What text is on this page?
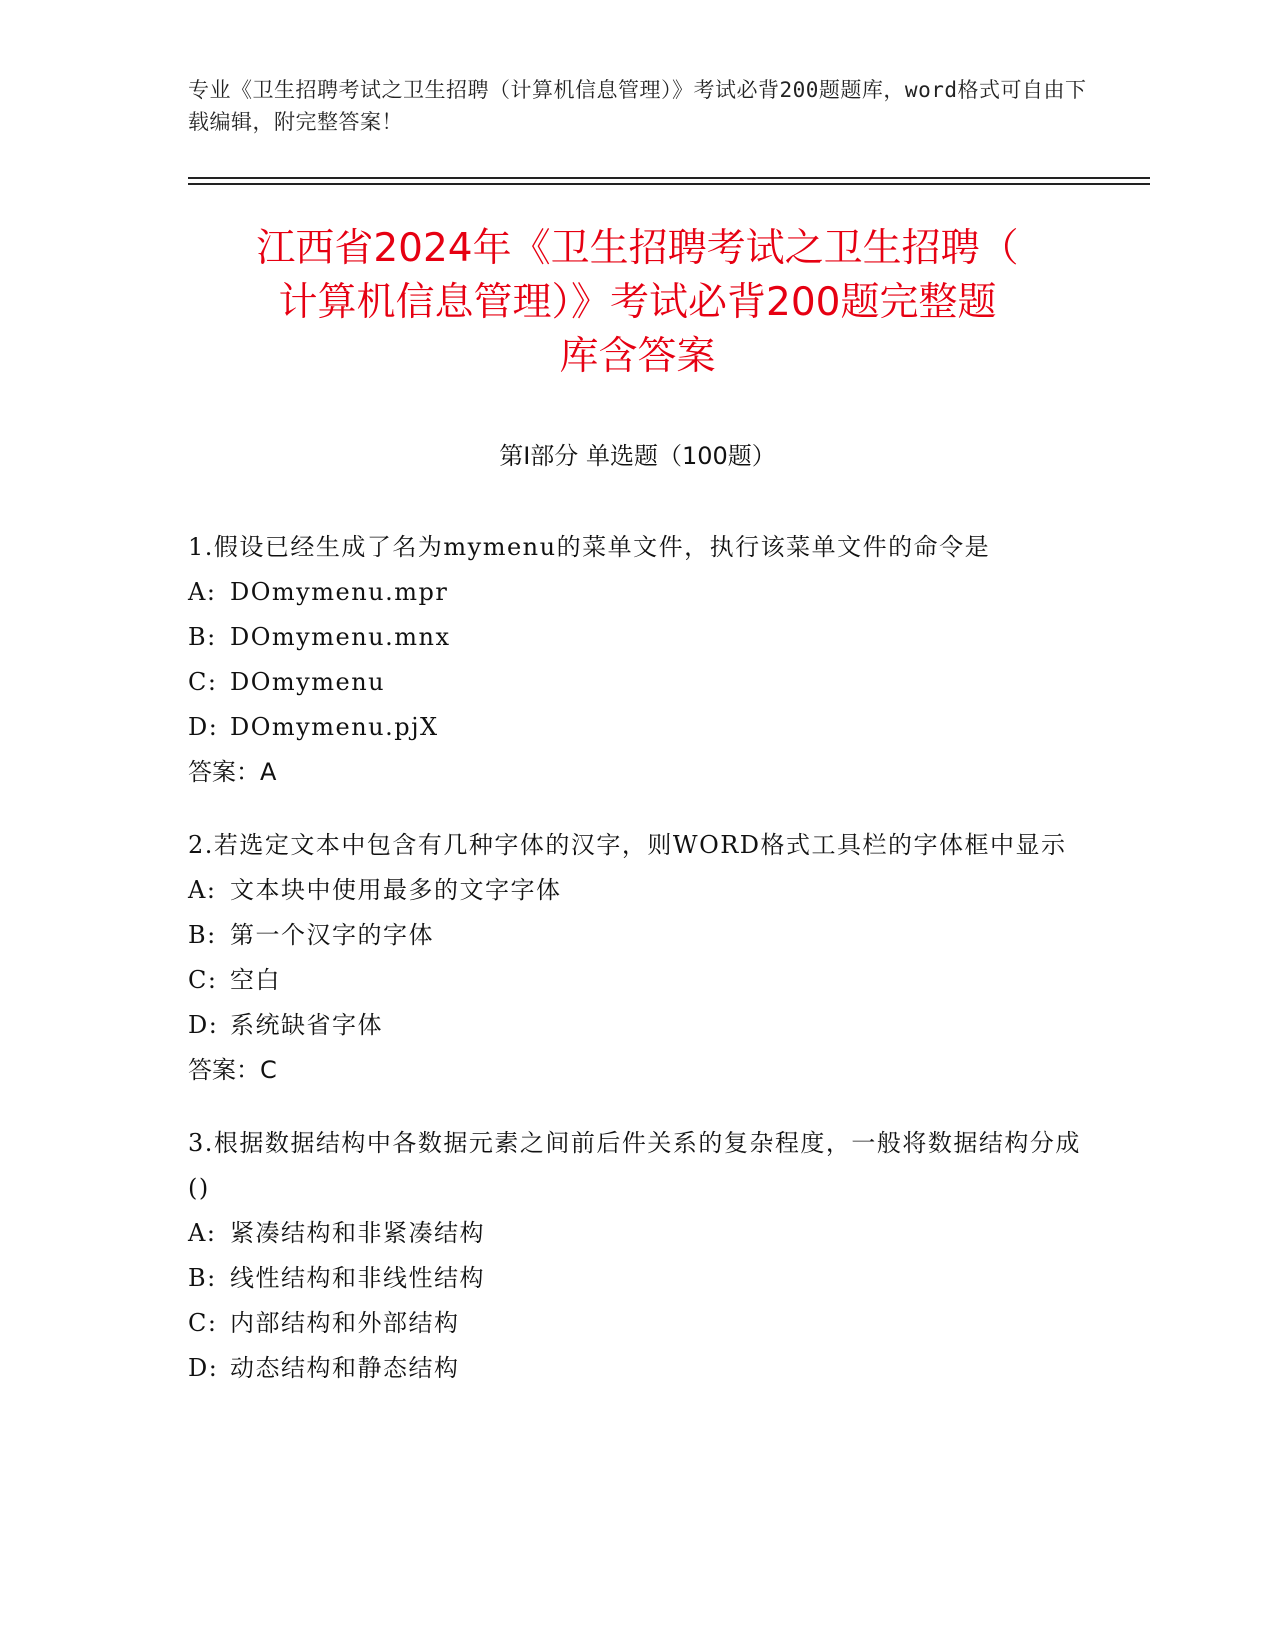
专业《卫生招聘考试之卫生招聘（计算机信息管理）》考试必背200题题库，word格式可自由下载编辑，附完整答案！
江西省2024年《卫生招聘考试之卫生招聘（
计算机信息管理）》考试必背200题完整题
库含答案
第Ⅰ部分 单选题（100题）
1.假设已经生成了名为mymenu的菜单文件，执行该菜单文件的命令是
A: DOmymenu.mpr
B: DOmymenu.mnx
C: DOmymenu
D: DOmymenu.pjX
答案：A
2.若选定文本中包含有几种字体的汉字，则WORD格式工具栏的字体框中显示
A: 文本块中使用最多的文字字体
B: 第一个汉字的字体
C: 空白
D: 系统缺省字体
答案：C
3.根据数据结构中各数据元素之间前后件关系的复杂程度，一般将数据结构分成()
A: 紧凑结构和非紧凑结构
B: 线性结构和非线性结构
C: 内部结构和外部结构
D: 动态结构和静态结构
